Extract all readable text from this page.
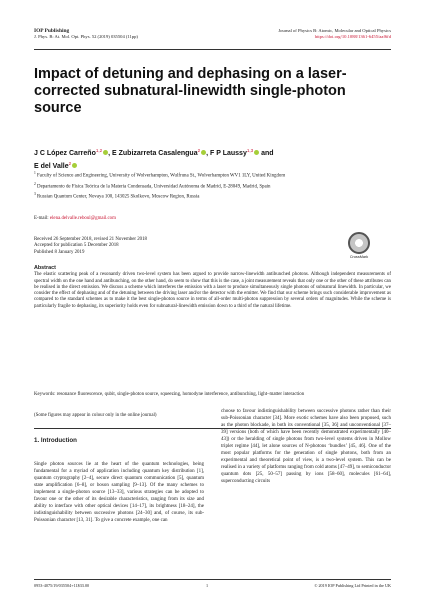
IOP Publishing
J. Phys. B: At. Mol. Opt. Phys. 52 (2019) 035504 (11pp)
Journal of Physics B: Atomic, Molecular and Optical Physics
https://doi.org/10.1088/1361-6455/aaf6fd
Impact of detuning and dephasing on a laser-corrected subnatural-linewidth single-photon source
J C López Carreño$^{1,2}$ , E Zubizarreta Casalengua$^2$ , F P Laussy$^{1,3}$ and
E del Valle$^2$

$^1$ Faculty of Science and Engineering, University of Wolverhampton, Wulfruna St., Wolverhampton WV1 1LY, United Kingdom

$^2$ Departamento de Física Teórica de la Materia Condensada, Universidad Autónoma de Madrid, E-28049, Madrid, Spain

$^3$ Russian Quantum Center, Novaya 100, 143025 Skolkovo, Moscow Region, Russia

E-mail: elena.delvalle.reboul@gmail.com
Received 26 September 2018, revised 21 November 2018
Accepted for publication 5 December 2018
Published 8 January 2019
CrossMark
Abstract
The elastic scattering peak of a resonantly driven two-level system has been argued to provide narrow-linewidth antibunched photons. Although independent measurements of spectral width on the one hand and antibunching, on the other hand, do seem to show that this is the case, a joint measurement reveals that only one or the other of these attributes can be realised in the direct emission. We discuss a scheme which interferes the emission with a laser to produce simultaneously single photons of subnatural linewidth. In particular, we consider the effect of dephasing and of the detuning between the driving laser and/or the detector with the emitter. We find that our scheme brings such considerable improvement as compared to the standard schemes as to make it the best single-photon source in terms of all-order multi-photon suppression by several orders of magnitudes. While the scheme is particularly fragile to dephasing, its superiority holds even for subnatural-linewidth emission down to a third of the natural lifetime.
Keywords: resonance fluorescence, qubit, single-photon source, squeezing, homodyne interference, antibunching, light–matter interaction
(Some figures may appear in colour only in the online journal)
1. Introduction
Single photon sources lie at the heart of the quantum technologies, being fundamental for a myriad of application including quantum key distribution [1], quantum cryptography [2–4], secure direct quantum communication [5], quantum state amplification [6–8], or boson sampling [9–13]. Of the many schemes to implement a single-photon source [13–33], various strategies can be adopted to favour one or the other of its desirable characteristics, ranging from its size and ability to interface with other optical devices [14–17], its brightness [18–24], the indistinguishability between successive photons [24–30] and, of course, its sub-Poissonian character [13, 31]. To give a concrete example, one can
choose to favour indistinguishability between successive photons rather than their sub-Poissonian character [34]. More exotic schemes have also been proposed, such as the photon blockade, in both its conventional [35, 36] and unconventional [37–39] versions (both of which have been recently demonstrated experimentally [40–43]) or the heralding of single photons from two-level systems driven in Mollow triplet regime [44], let alone sources of N-photons ‘bundles’ [45, 46]. One of the most popular platforms for the generation of single photons, both from an experimental and theoretical point of view, is a two-level system. This can be realised in a variety of platforms ranging from cold atoms [47–49], to semiconductor quantum dots [25, 50–57] passing by ions [58–60], molecules [61–64], superconducting circuits
0953-4075/19/035504+11$33.00	1	© 2019 IOP Publishing Ltd Printed in the UK
